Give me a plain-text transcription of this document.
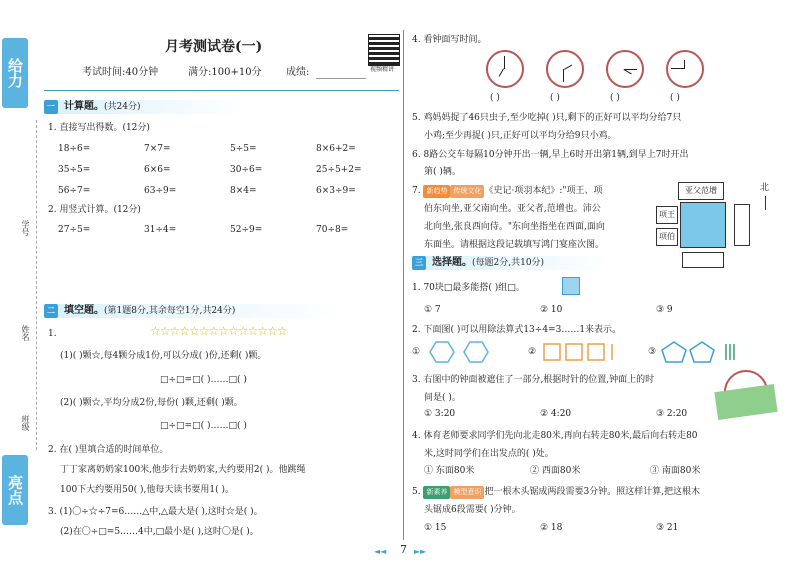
给力
亮点
学号
姓名
班级
月考测试卷(一)
视频精讲
考试时间:40分钟	满分:100+10分 成绩:
一 计算题。(共24分)
1. 直接写出得数。(12分)
18÷6=	7×7=	5÷5=	8×6+2=
35÷5=	6×6=	30÷6=	25÷5+2=
56÷7=	63÷9=	8×4=	6×3÷9=
2. 用竖式计算。(12分)
27÷5=	31÷4=	52÷9=	70÷8=
二 填空题。(第1题8分,其余每空1分,共24分)
1.	☆☆☆☆☆☆☆☆☆☆☆☆☆☆
(1)( )颗☆,每4颗分成1份,可以分成( )份,还剩( )颗。
□÷□=□( )……□( )
(2)( )颗☆,平均分成2份,每份( )颗,还剩( )颗。
□÷□=□( )……□( )
2. 在( )里填合适的时间单位。
丁丁家离奶奶家100米,他步行去奶奶家,大约要用2( )。他跳绳
100下大约要用50( ),他每天读书要用1( )。
3. (1)〇÷☆÷7=6……△中,△最大是( ),这时☆是( )。
(2)在〇÷□=5……4中,□最小是( ),这时〇是( )。
4. 看钟面写时间。
( )	( )	( )	( )
5. 鸡妈妈捉了46只虫子,至少吃掉( )只,剩下的正好可以平均分给7只
小鸡;至少再捉( )只,正好可以平均分给9只小鸡。
6. 8路公交车每隔10分钟开出一辆,早上6时开出第1辆,到早上7时开出
第( )辆。
7. 新趋势 传统文化 《史记·项羽本纪》:"项王、项
伯东向坐,亚父南向坐。亚父者,范增也。沛公
北向坐,张良西向侍。"东向坐指坐在西面,面向
东面坐。请根据这段记载填写鸿门宴座次图。
亚父范增
项王
项伯
北
三 选择题。(每题2分,共10分)
1. 70块□最多能搭( )组□。
① 7	② 10	③ 9
2. 下面图( )可以用除法算式13÷4=3……1来表示。
①	②	③
3. 右图中的钟面被遮住了一部分,根据时针的位置,钟面上的时
间是( )。
① 3:20	② 4:20	③ 2:20
4. 体育老师要求同学们先向北走80米,再向右转走80米,最后向右转走80
米,这时同学们在出发点的( )处。
① 东面80米	② 西面80米	③ 南面80米
5. 新素养 模型意识 把一根木头锯成两段需要3分钟。照这样计算,把这根木
头锯成6段需要( )分钟。
① 15	② 18	③ 21
◄◄ 7 ►►
